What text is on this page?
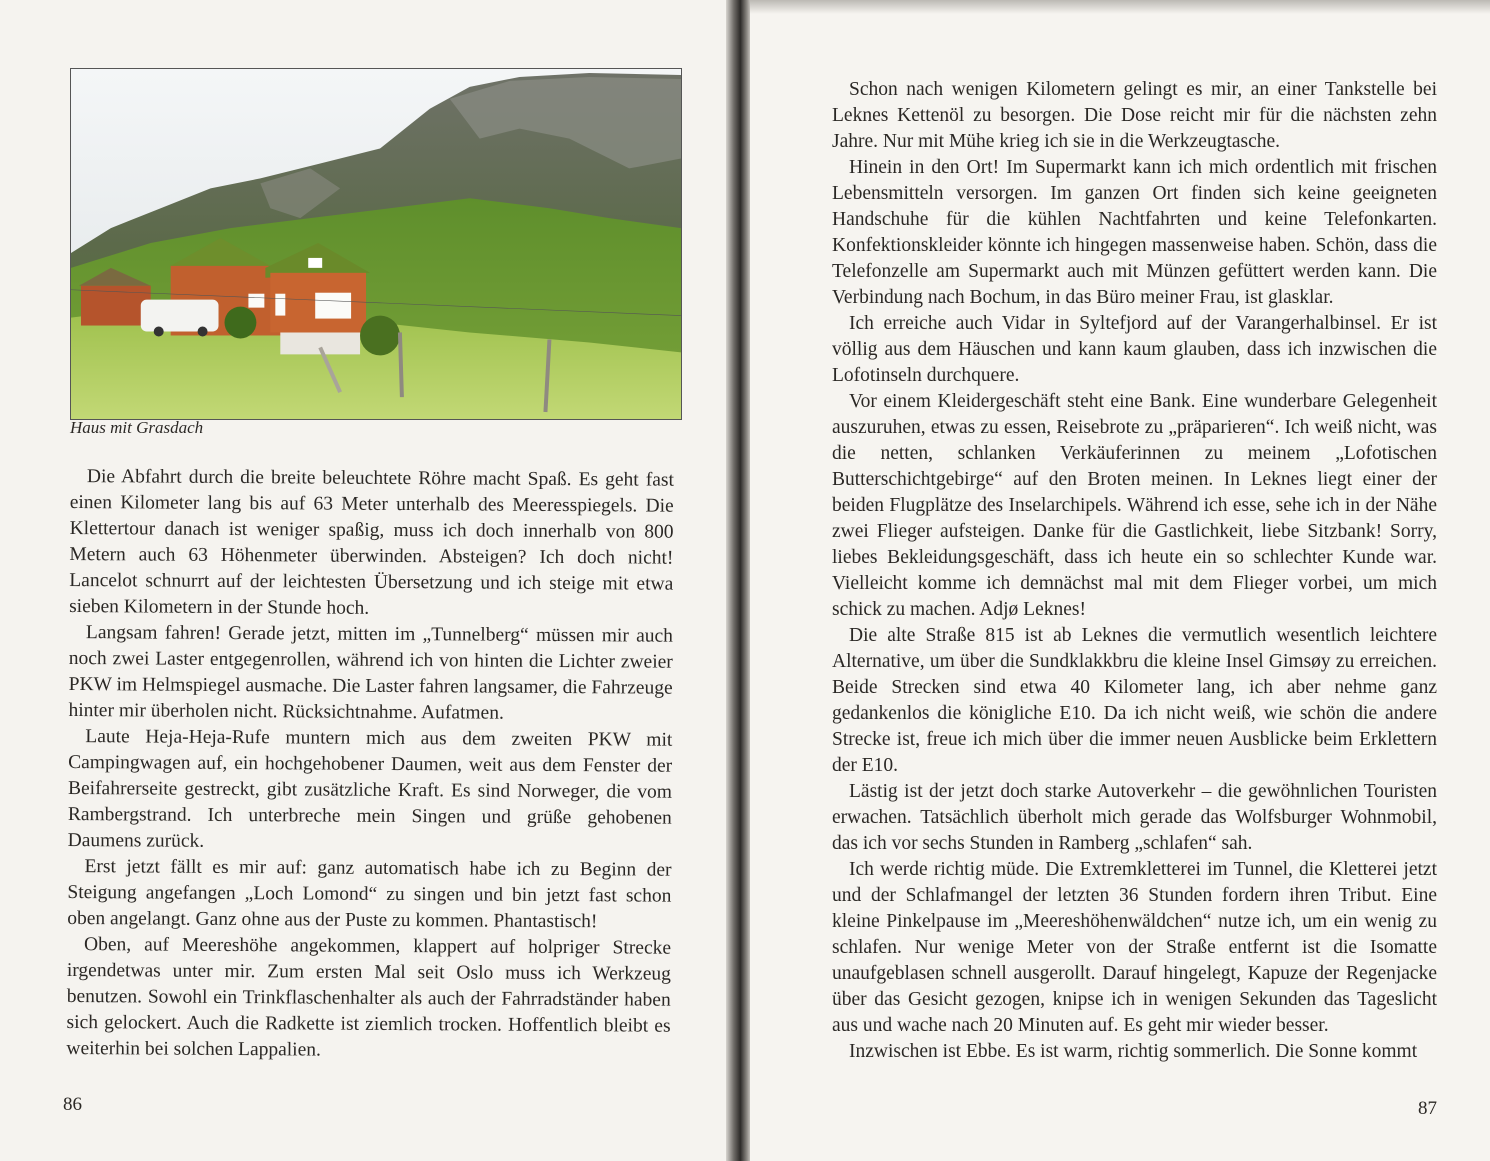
Haus mit Grasdach

Die Abfahrt durch die breite beleuchtete Röhre macht Spaß. Es geht fast einen Kilometer lang bis auf 63 Meter unterhalb des Meeresspiegels. Die Klettertour danach ist weniger spaßig, muss ich doch innerhalb von 800 Metern auch 63 Höhenmeter überwinden. Absteigen? Ich doch nicht! Lancelot schnurrt auf der leichtesten Übersetzung und ich steige mit etwa sieben Kilometern in der Stunde hoch.

Langsam fahren! Gerade jetzt, mitten im „Tunnelberg“ müssen mir auch noch zwei Laster entgegenrollen, während ich von hinten die Lichter zweier PKW im Helmspiegel ausmache. Die Laster fahren langsamer, die Fahrzeuge hinter mir überholen nicht. Rücksichtnahme. Aufatmen.

Laute Heja-Heja-Rufe muntern mich aus dem zweiten PKW mit Campingwagen auf, ein hochgehobener Daumen, weit aus dem Fenster der Beifahrerseite gestreckt, gibt zusätzliche Kraft. Es sind Norweger, die vom Rambergstrand. Ich unterbreche mein Singen und grüße gehobenen Daumens zurück.

Erst jetzt fällt es mir auf: ganz automatisch habe ich zu Beginn der Steigung angefangen „Loch Lomond“ zu singen und bin jetzt fast schon oben angelangt. Ganz ohne aus der Puste zu kommen. Phantastisch!

Oben, auf Meereshöhe angekommen, klappert auf holpriger Strecke irgendetwas unter mir. Zum ersten Mal seit Oslo muss ich Werkzeug benutzen. Sowohl ein Trinkflaschenhalter als auch der Fahrradständer haben sich gelockert. Auch die Radkette ist ziemlich trocken. Hoffentlich bleibt es weiterhin bei solchen Lappalien.

86

Schon nach wenigen Kilometern gelingt es mir, an einer Tankstelle bei Leknes Kettenöl zu besorgen. Die Dose reicht mir für die nächsten zehn Jahre. Nur mit Mühe krieg ich sie in die Werkzeugtasche.

Hinein in den Ort! Im Supermarkt kann ich mich ordentlich mit frischen Lebensmitteln versorgen. Im ganzen Ort finden sich keine geeigneten Handschuhe für die kühlen Nachtfahrten und keine Telefonkarten. Konfektionskleider könnte ich hingegen massenweise haben. Schön, dass die Telefonzelle am Supermarkt auch mit Münzen gefüttert werden kann. Die Verbindung nach Bochum, in das Büro meiner Frau, ist glasklar.

Ich erreiche auch Vidar in Syltefjord auf der Varangerhalbinsel. Er ist völlig aus dem Häuschen und kann kaum glauben, dass ich inzwischen die Lofotinseln durchquere.

Vor einem Kleidergeschäft steht eine Bank. Eine wunderbare Gelegenheit auszuruhen, etwas zu essen, Reisebrote zu „präparieren“. Ich weiß nicht, was die netten, schlanken Verkäuferinnen zu meinem „Lofotischen Butterschichtgebirge“ auf den Broten meinen. In Leknes liegt einer der beiden Flugplätze des Inselarchipels. Während ich esse, sehe ich in der Nähe zwei Flieger aufsteigen. Danke für die Gastlichkeit, liebe Sitzbank! Sorry, liebes Bekleidungsgeschäft, dass ich heute ein so schlechter Kunde war. Vielleicht komme ich demnächst mal mit dem Flieger vorbei, um mich schick zu machen. Adjø Leknes!

Die alte Straße 815 ist ab Leknes die vermutlich wesentlich leichtere Alternative, um über die Sundklakkbru die kleine Insel Gimsøy zu erreichen. Beide Strecken sind etwa 40 Kilometer lang, ich aber nehme ganz gedankenlos die königliche E10. Da ich nicht weiß, wie schön die andere Strecke ist, freue ich mich über die immer neuen Ausblicke beim Erklettern der E10.

Lästig ist der jetzt doch starke Autoverkehr – die gewöhnlichen Touristen erwachen. Tatsächlich überholt mich gerade das Wolfsburger Wohnmobil, das ich vor sechs Stunden in Ramberg „schlafen“ sah.

Ich werde richtig müde. Die Extremkletterei im Tunnel, die Kletterei jetzt und der Schlafmangel der letzten 36 Stunden fordern ihren Tribut. Eine kleine Pinkelpause im „Meereshöhenwäldchen“ nutze ich, um ein wenig zu schlafen. Nur wenige Meter von der Straße entfernt ist die Isomatte unaufgeblasen schnell ausgerollt. Darauf hingelegt, Kapuze der Regenjacke über das Gesicht gezogen, knipse ich in wenigen Sekunden das Tageslicht aus und wache nach 20 Minuten auf. Es geht mir wieder besser.

Inzwischen ist Ebbe. Es ist warm, richtig sommerlich. Die Sonne kommt

87
